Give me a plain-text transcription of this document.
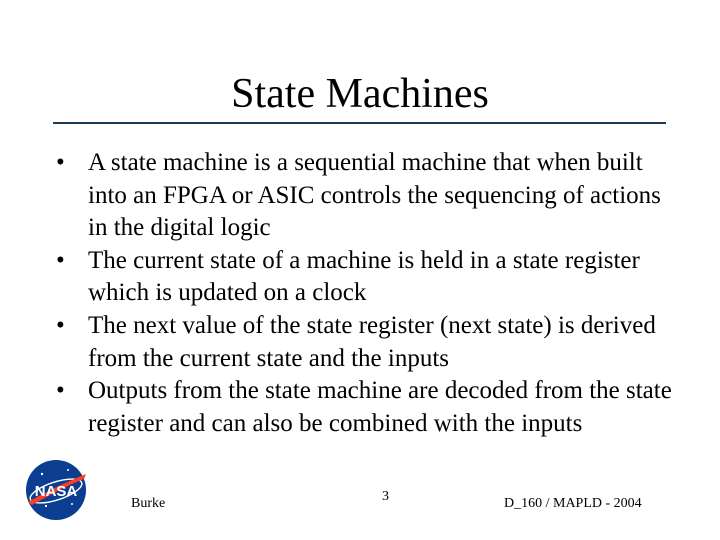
State Machines
• A state machine is a sequential machine that when built into an FPGA or ASIC controls the sequencing of actions in the digital logic
• The current state of a machine is held in a state register which is updated on a clock
• The next value of the state register (next state) is derived from the current state and the inputs
• Outputs from the state machine are decoded from the state register and can also be combined with the inputs
NASA
Burke	3	D_160 / MAPLD - 2004
